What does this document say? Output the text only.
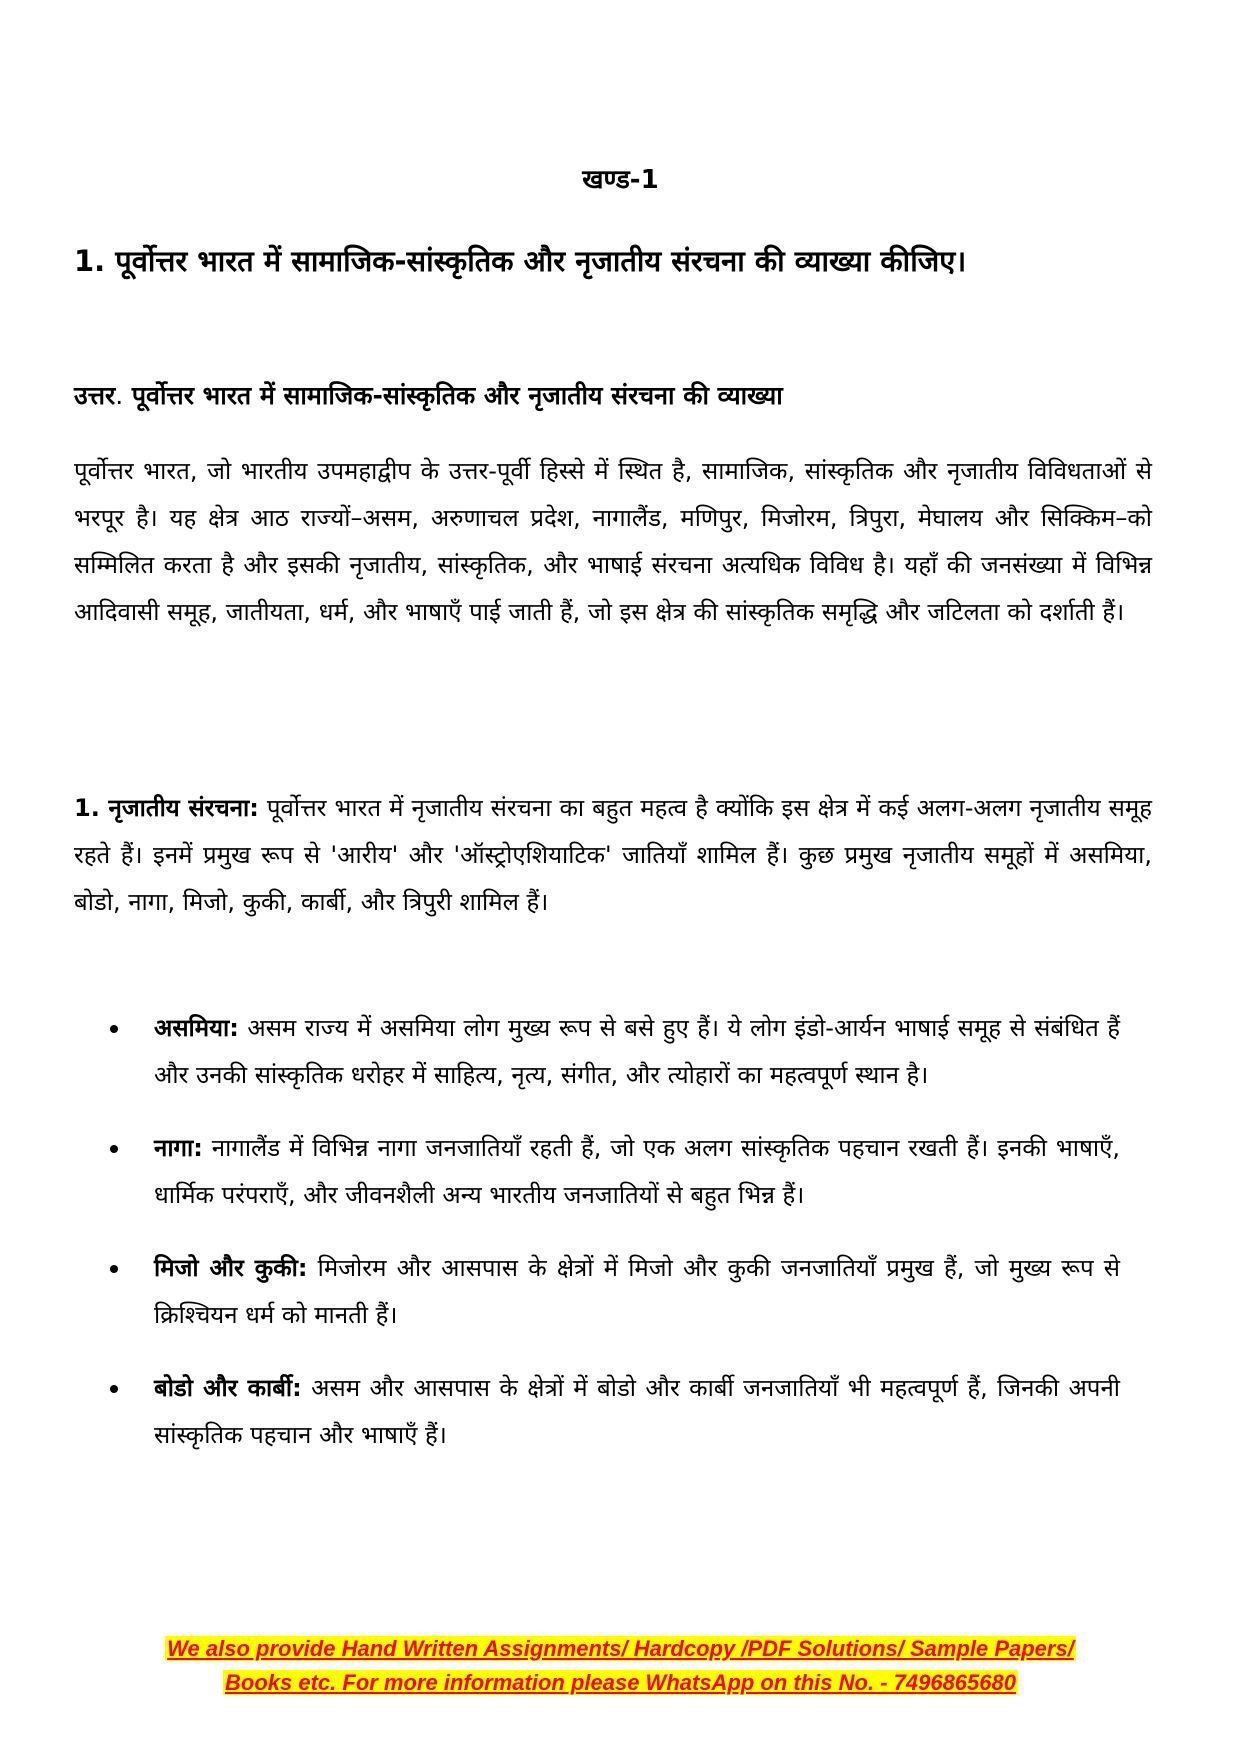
खण्ड-1
1. पूर्वोत्तर भारत में सामाजिक-सांस्कृतिक और नृजातीय संरचना की व्याख्या कीजिए।
उत्तर. पूर्वोत्तर भारत में सामाजिक-सांस्कृतिक और नृजातीय संरचना की व्याख्या
पूर्वोत्तर भारत, जो भारतीय उपमहाद्वीप के उत्तर-पूर्वी हिस्से में स्थित है, सामाजिक, सांस्कृतिक और नृजातीय विविधताओं से भरपूर है। यह क्षेत्र आठ राज्यों–असम, अरुणाचल प्रदेश, नागालैंड, मणिपुर, मिजोरम, त्रिपुरा, मेघालय और सिक्किम–को सम्मिलित करता है और इसकी नृजातीय, सांस्कृतिक, और भाषाई संरचना अत्यधिक विविध है। यहाँ की जनसंख्या में विभिन्न आदिवासी समूह, जातीयता, धर्म, और भाषाएँ पाई जाती हैं, जो इस क्षेत्र की सांस्कृतिक समृद्धि और जटिलता को दर्शाती हैं।
1. नृजातीय संरचना: पूर्वोत्तर भारत में नृजातीय संरचना का बहुत महत्व है क्योंकि इस क्षेत्र में कई अलग-अलग नृजातीय समूह रहते हैं। इनमें प्रमुख रूप से 'आरीय' और 'ऑस्ट्रोएशियाटिक' जातियाँ शामिल हैं। कुछ प्रमुख नृजातीय समूहों में असमिया, बोडो, नागा, मिजो, कुकी, कार्बी, और त्रिपुरी शामिल हैं।
असमिया: असम राज्य में असमिया लोग मुख्य रूप से बसे हुए हैं। ये लोग इंडो-आर्यन भाषाई समूह से संबंधित हैं और उनकी सांस्कृतिक धरोहर में साहित्य, नृत्य, संगीत, और त्योहारों का महत्वपूर्ण स्थान है।
नागा: नागालैंड में विभिन्न नागा जनजातियाँ रहती हैं, जो एक अलग सांस्कृतिक पहचान रखती हैं। इनकी भाषाएँ, धार्मिक परंपराएँ, और जीवनशैली अन्य भारतीय जनजातियों से बहुत भिन्न हैं।
मिजो और कुकी: मिजोरम और आसपास के क्षेत्रों में मिजो और कुकी जनजातियाँ प्रमुख हैं, जो मुख्य रूप से क्रिश्चियन धर्म को मानती हैं।
बोडो और कार्बी: असम और आसपास के क्षेत्रों में बोडो और कार्बी जनजातियाँ भी महत्वपूर्ण हैं, जिनकी अपनी सांस्कृतिक पहचान और भाषाएँ हैं।
We also provide Hand Written Assignments/ Hardcopy /PDF Solutions/ Sample Papers/
Books etc. For more information please WhatsApp on this No. - 7496865680
